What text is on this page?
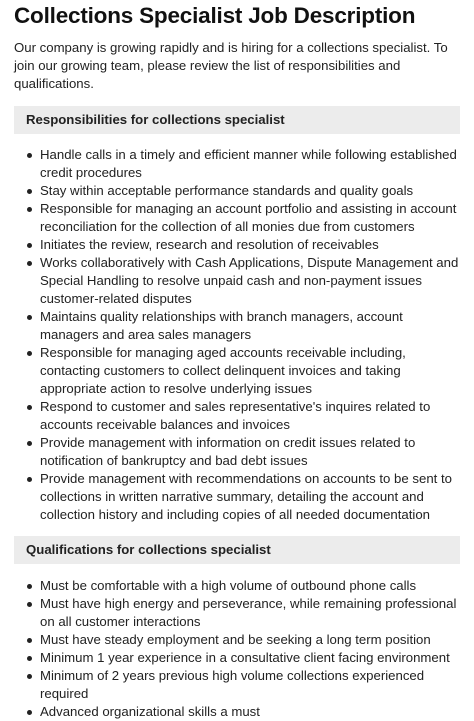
Collections Specialist Job Description

Our company is growing rapidly and is hiring for a collections specialist. To join our growing team, please review the list of responsibilities and qualifications.

Responsibilities for collections specialist
Handle calls in a timely and efficient manner while following established credit procedures
Stay within acceptable performance standards and quality goals
Responsible for managing an account portfolio and assisting in account reconciliation for the collection of all monies due from customers
Initiates the review, research and resolution of receivables
Works collaboratively with Cash Applications, Dispute Management and Special Handling to resolve unpaid cash and non-payment issues customer-related disputes
Maintains quality relationships with branch managers, account managers and area sales managers
Responsible for managing aged accounts receivable including, contacting customers to collect delinquent invoices and taking appropriate action to resolve underlying issues
Respond to customer and sales representative's inquires related to accounts receivable balances and invoices
Provide management with information on credit issues related to notification of bankruptcy and bad debt issues
Provide management with recommendations on accounts to be sent to collections in written narrative summary, detailing the account and collection history and including copies of all needed documentation
Qualifications for collections specialist
Must be comfortable with a high volume of outbound phone calls
Must have high energy and perseverance, while remaining professional on all customer interactions
Must have steady employment and be seeking a long term position
Minimum 1 year experience in a consultative client facing environment
Minimum of 2 years previous high volume collections experienced required
Advanced organizational skills a must
